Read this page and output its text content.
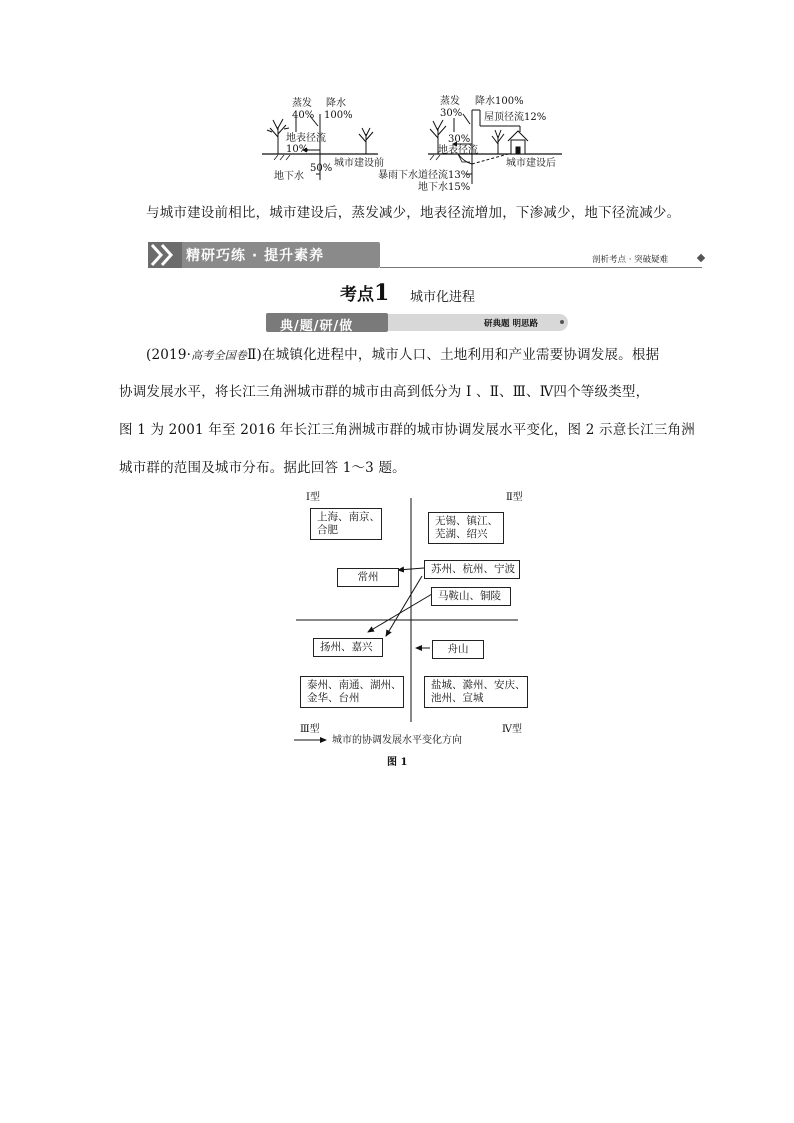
蒸发
40%
降水
100%
地表径流
10%
地下水
50% 城市建设前
蒸发
30%
降水100%
屋顶径流12%
30%
地表径流
暴雨下水道径流13%
地下水15%
城市建设后

与城市建设前相比，城市建设后，蒸发减少，地表径流增加，下渗减少，地下径流减少。

精研巧练 · 提升素养	剖析考点 · 突破疑难
考点1 城市化进程
典/题/研/做	研典题 明思路

(2019·高考全国卷Ⅱ)在城镇化进程中，城市人口、土地利用和产业需要协调发展。根据

协调发展水平，将长江三角洲城市群的城市由高到低分为 Ⅰ 、Ⅱ、Ⅲ、Ⅳ四个等级类型，

图 1 为 2001 年至 2016 年长江三角洲城市群的城市协调发展水平变化，图 2 示意长江三角洲

城市群的范围及城市分布。据此回答 1～3 题。

Ⅰ型	Ⅱ型
Ⅲ型	Ⅳ型
上海、南京、
合肥
无锡、镇江、
芜湖、绍兴
常州
苏州、杭州、宁波
马鞍山、铜陵
扬州、嘉兴	舟山
泰州、南通、湖州、
金华、台州
盐城、滁州、安庆、
池州、宣城
城市的协调发展水平变化方向
图 1
